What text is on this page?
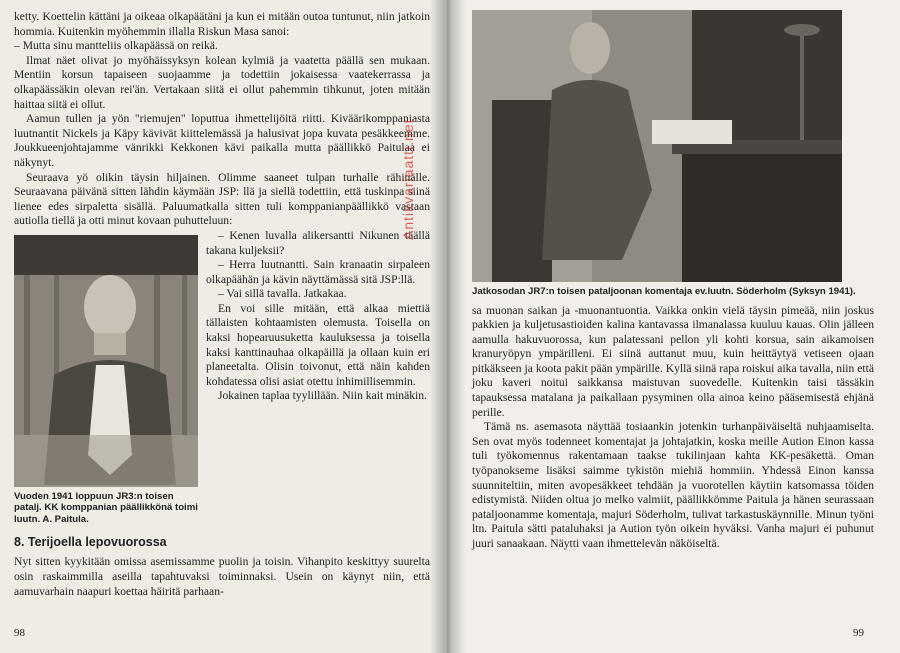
ketty. Koettelin kättäni ja oikeaa olkapäätäni ja kun ei mitään outoa tuntunut, niin jatkoin hommia. Kuitenkin myöhemmin illalla Riskun Masa sanoi:

– Mutta sinu mantteliis olkapäässä on reikä.

Ilmat näet olivat jo myöhäissyksyn kolean kylmiä ja vaatetta päällä sen mukaan. Mentiin korsun tapaiseen suojaamme ja todettiin jokaisessa vaatekerrassa ja olkapäässäkin olevan rei'än. Vertakaan siitä ei ollut pahemmin tihkunut, joten mitään haittaa siitä ei ollut.

Aamun tullen ja yön "riemujen" loputtua ihmettelijöitä riitti. Kiväärikomppaniasta luutnantit Nickels ja Käpy kävivät kiittelemässä ja halusivat jopa kuvata pesäkkeemme. Joukkueenjohtajamme vänrikki Kekkonen kävi paikalla mutta päällikkö Paitulaa ei näkynyt.

Seuraava yö olikin täysin hiljainen. Olimme saaneet tulpan turhalle rähinälle. Seuraavana päivänä sitten lähdin käymään JSP: llä ja siellä todettiin, että tuskinpa siinä lienee edes sirpaletta sisällä. Paluumatkalla sitten tuli komppanianpäällikkö vastaan autiolla tiellä ja otti minut kovaan puhutteluun:

– Kenen luvalla alikersantti Nikunen täällä takana kuljeksii?

– Herra luutnantti. Sain kranaatin sirpaleen olkapäähän ja kävin näyttämässä sitä JSP:llä.

– Vai sillä tavalla. Jatkakaa.

En voi sille mitään, että alkaa miettiä tällaisten kohtaamisten olemusta. Toisella on kaksi hopearuusuketta kauluksessa ja toisella kaksi kanttinauhaa olkapäillä ja ollaan kuin eri planeetalta. Olisin toivonut, että näin kahden kohdatessa olisi asiat otettu inhimillisemmin.

Jokainen taplaa tyylillään. Niin kait minäkin.

Vuoden 1941 loppuun JR3:n toisen patalj. KK komppanian päällikkönä toimi luutn. A. Paitula.
8. Terijoella lepovuorossa

Nyt sitten kyykitään omissa asemissamme puolin ja toisin. Vihanpito keskittyy suurelta osin raskaimmilla aseilla tapahtuvaksi toiminnaksi. Usein on käynyt niin, että aamuvarhain naapuri koettaa häiritä parhaan-

98
Jatkosodan JR7:n toisen pataljoonan komentaja ev.luutn. Söderholm (Syksyn 1941).

sa muonan saikan ja -muonantuontia. Vaikka onkin vielä täysin pimeää, niin joskus pakkien ja kuljetusastioiden kalina kantavassa ilmanalassa kuuluu kauas. Olin jälleen aamulla hakuvuorossa, kun palatessani pellon yli kohti korsua, sain aikamoisen kranuryöpyn ympärilleni. Ei siinä auttanut muu, kuin heittäytyä vetiseen ojaan pitkäkseen ja koota pakit pään ympärille. Kyllä siinä rapa roiskui aika tavalla, niin että joku kaveri noitui saikkansa maistuvan suovedelle. Kuitenkin taisi tässäkin tapauksessa matalana ja paikallaan pysyminen olla ainoa keino pääsemisestä ehjänä perille.

Tämä ns. asemasota näyttää tosiaankin jotenkin turhanpäiväiseltä nuhjaamiselta. Sen ovat myös todenneet komentajat ja johtajatkin, koska meille Aution Einon kassa tuli työkomennus rakentamaan taakse tukilinjaan kahta KK-pesäkettä. Oman työpanokseme lisäksi saimme tykistön miehiä hommiin. Yhdessä Einon kanssa suunniteltiin, miten avopesäkkeet tehdään ja vuorotellen käytiin katsomassa töiden edistymistä. Niiden oltua jo melko valmiit, päällikkömme Paitula ja hänen seurassaan pataljoonamme komentaja, majuri Söderholm, tulivat tarkastuskäynnille. Minun työni ltn. Paitula sätti pataluhaksi ja Aution työn oikein hyväksi. Vanha majuri ei puhunut juuri sanaakaan. Näytti vaan ihmettelevän näköiseltä.

99
Antikvariaatti.net
